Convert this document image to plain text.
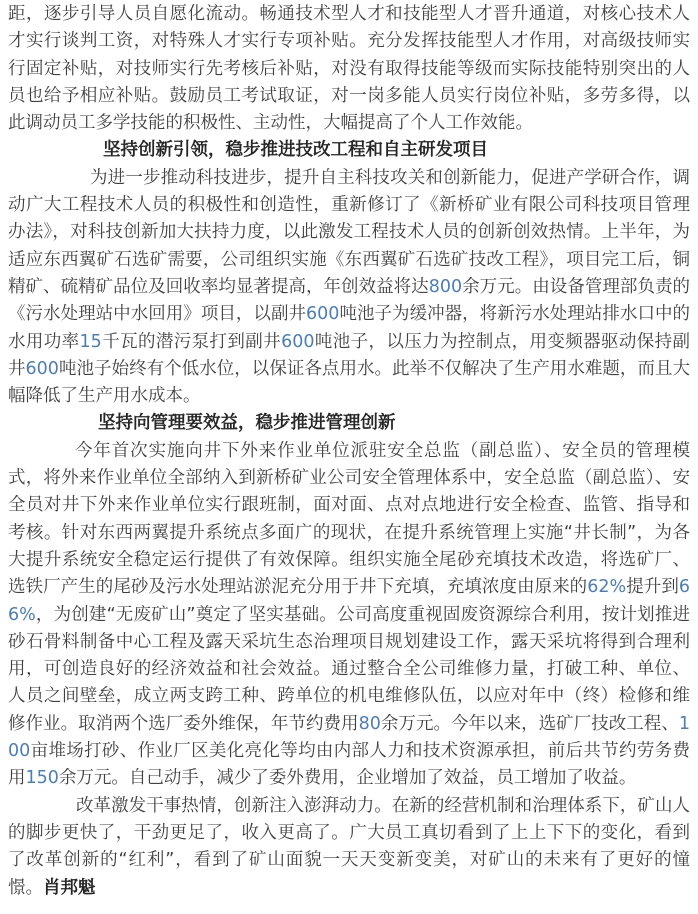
距，逐步引导人员自愿化流动。畅通技术型人才和技能型人才晋升通道，对核心技术人才实行谈判工资，对特殊人才实行专项补贴。充分发挥技能型人才作用，对高级技师实行固定补贴，对技师实行先考核后补贴，对没有取得技能等级而实际技能特别突出的人员也给予相应补贴。鼓励员工考试取证，对一岗多能人员实行岗位补贴，多劳多得，以此调动员工多学技能的积极性、主动性，大幅提高了个人工作效能。

坚持创新引领，稳步推进技改工程和自主研发项目

为进一步推动科技进步，提升自主科技攻关和创新能力，促进产学研合作，调动广大工程技术人员的积极性和创造性，重新修订了《新桥矿业有限公司科技项目管理办法》，对科技创新加大扶持力度，以此激发工程技术人员的创新创效热情。上半年，为适应东西翼矿石选矿需要，公司组织实施《东西翼矿石选矿技改工程》，项目完工后，铜精矿、硫精矿品位及回收率均显著提高，年创效益将达800余万元。由设备管理部负责的《污水处理站中水回用》项目，以副井600吨池子为缓冲器，将新污水处理站排水口中的水用功率15千瓦的潜污泵打到副井600吨池子，以压力为控制点，用变频器驱动保持副井600吨池子始终有个低水位，以保证各点用水。此举不仅解决了生产用水难题，而且大幅降低了生产用水成本。

坚持向管理要效益，稳步推进管理创新

今年首次实施向井下外来作业单位派驻安全总监（副总监）、安全员的管理模式，将外来作业单位全部纳入到新桥矿业公司安全管理体系中，安全总监（副总监）、安全员对井下外来作业单位实行跟班制，面对面、点对点地进行安全检查、监管、指导和考核。针对东西两翼提升系统点多面广的现状，在提升系统管理上实施“井长制”，为各大提升系统安全稳定运行提供了有效保障。组织实施全尾砂充填技术改造，将选矿厂、选铁厂产生的尾砂及污水处理站淤泥充分用于井下充填，充填浓度由原来的62%提升到66%，为创建“无废矿山”奠定了坚实基础。公司高度重视固废资源综合利用，按计划推进砂石骨料制备中心工程及露天采坑生态治理项目规划建设工作，露天采坑将得到合理利用，可创造良好的经济效益和社会效益。通过整合全公司维修力量，打破工种、单位、人员之间壁垒，成立两支跨工种、跨单位的机电维修队伍，以应对年中（终）检修和维修作业。取消两个选厂委外维保，年节约费用80余万元。今年以来，选矿厂技改工程、100亩堆场打砂、作业厂区美化亮化等均由内部人力和技术资源承担，前后共节约劳务费用150余万元。自己动手，减少了委外费用，企业增加了效益，员工增加了收益。

改革激发干事热情，创新注入澎湃动力。在新的经营机制和治理体系下，矿山人的脚步更快了，干劲更足了，收入更高了。广大员工真切看到了上上下下的变化，看到了改革创新的“红利”，看到了矿山面貌一天天变新变美，对矿山的未来有了更好的憧憬。肖邦魁
